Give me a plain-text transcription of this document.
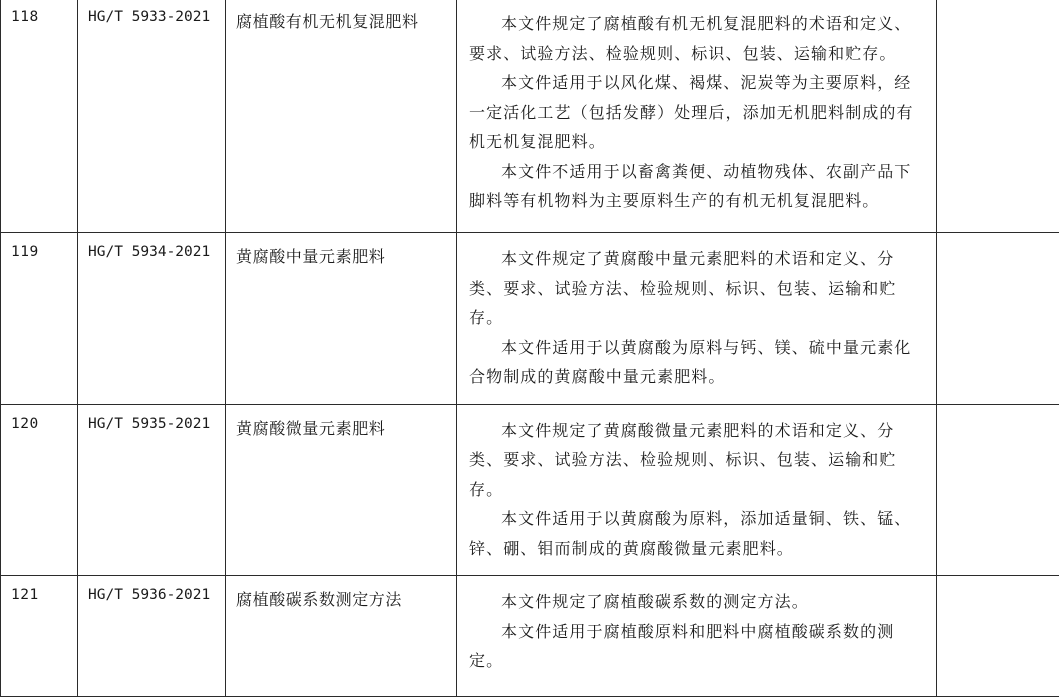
118	HG/T 5933-2021	腐植酸有机无机复混肥料	本文件规定了腐植酸有机无机复混肥料的术语和定义、要求、试验方法、检验规则、标识、包装、运输和贮存。

本文件适用于以风化煤、褐煤、泥炭等为主要原料，经一定活化工艺（包括发酵）处理后，添加无机肥料制成的有机无机复混肥料。

本文件不适用于以畜禽粪便、动植物残体、农副产品下脚料等有机物料为主要原料生产的有机无机复混肥料。	

119	HG/T 5934-2021	黄腐酸中量元素肥料	本文件规定了黄腐酸中量元素肥料的术语和定义、分类、要求、试验方法、检验规则、标识、包装、运输和贮存。

本文件适用于以黄腐酸为原料与钙、镁、硫中量元素化合物制成的黄腐酸中量元素肥料。	

120	HG/T 5935-2021	黄腐酸微量元素肥料	本文件规定了黄腐酸微量元素肥料的术语和定义、分类、要求、试验方法、检验规则、标识、包装、运输和贮存。

本文件适用于以黄腐酸为原料，添加适量铜、铁、锰、锌、硼、钼而制成的黄腐酸微量元素肥料。	

121	HG/T 5936-2021	腐植酸碳系数测定方法	本文件规定了腐植酸碳系数的测定方法。

本文件适用于腐植酸原料和肥料中腐植酸碳系数的测定。	
